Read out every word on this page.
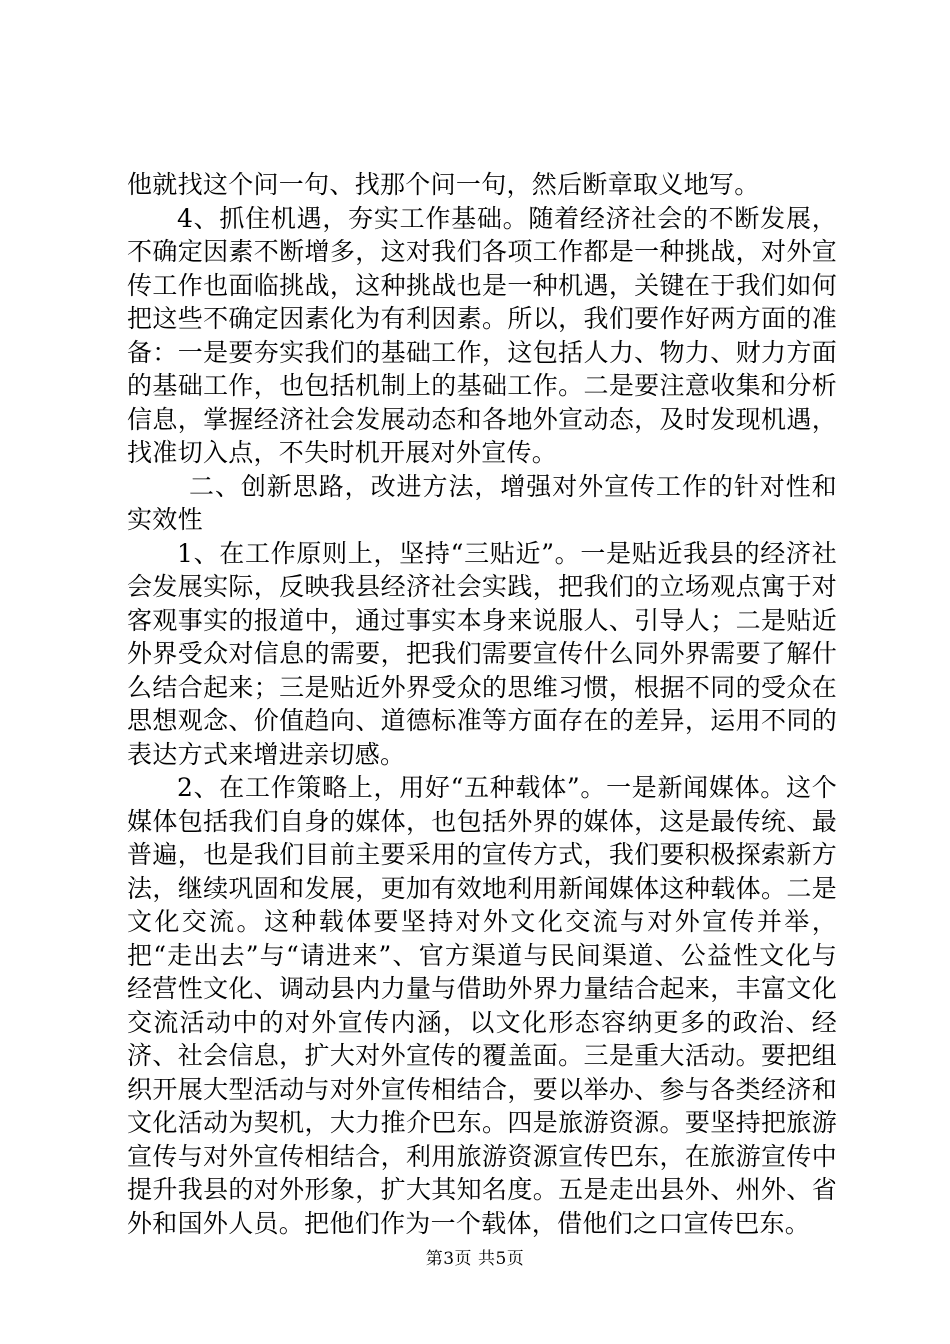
他就找这个问一句、找那个问一句，然后断章取义地写。

4、抓住机遇，夯实工作基础。随着经济社会的不断发展，不确定因素不断增多，这对我们各项工作都是一种挑战，对外宣传工作也面临挑战，这种挑战也是一种机遇，关键在于我们如何把这些不确定因素化为有利因素。所以，我们要作好两方面的准备：一是要夯实我们的基础工作，这包括人力、物力、财力方面的基础工作，也包括机制上的基础工作。二是要注意收集和分析信息，掌握经济社会发展动态和各地外宣动态，及时发现机遇，找准切入点，不失时机开展对外宣传。

二、创新思路，改进方法，增强对外宣传工作的针对性和实效性

1、在工作原则上，坚持“三贴近”。一是贴近我县的经济社会发展实际，反映我县经济社会实践，把我们的立场观点寓于对客观事实的报道中，通过事实本身来说服人、引导人；二是贴近外界受众对信息的需要，把我们需要宣传什么同外界需要了解什么结合起来；三是贴近外界受众的思维习惯，根据不同的受众在思想观念、价值趋向、道德标准等方面存在的差异，运用不同的表达方式来增进亲切感。

2、在工作策略上，用好“五种载体”。一是新闻媒体。这个媒体包括我们自身的媒体，也包括外界的媒体，这是最传统、最普遍，也是我们目前主要采用的宣传方式，我们要积极探索新方法，继续巩固和发展，更加有效地利用新闻媒体这种载体。二是文化交流。这种载体要坚持对外文化交流与对外宣传并举，把“走出去”与“请进来”、官方渠道与民间渠道、公益性文化与经营性文化、调动县内力量与借助外界力量结合起来，丰富文化交流活动中的对外宣传内涵，以文化形态容纳更多的政治、经济、社会信息，扩大对外宣传的覆盖面。三是重大活动。要把组织开展大型活动与对外宣传相结合，要以举办、参与各类经济和文化活动为契机，大力推介巴东。四是旅游资源。要坚持把旅游宣传与对外宣传相结合，利用旅游资源宣传巴东，在旅游宣传中提升我县的对外形象，扩大其知名度。五是走出县外、州外、省外和国外人员。把他们作为一个载体，借他们之口宣传巴东。

第3页 共5页
